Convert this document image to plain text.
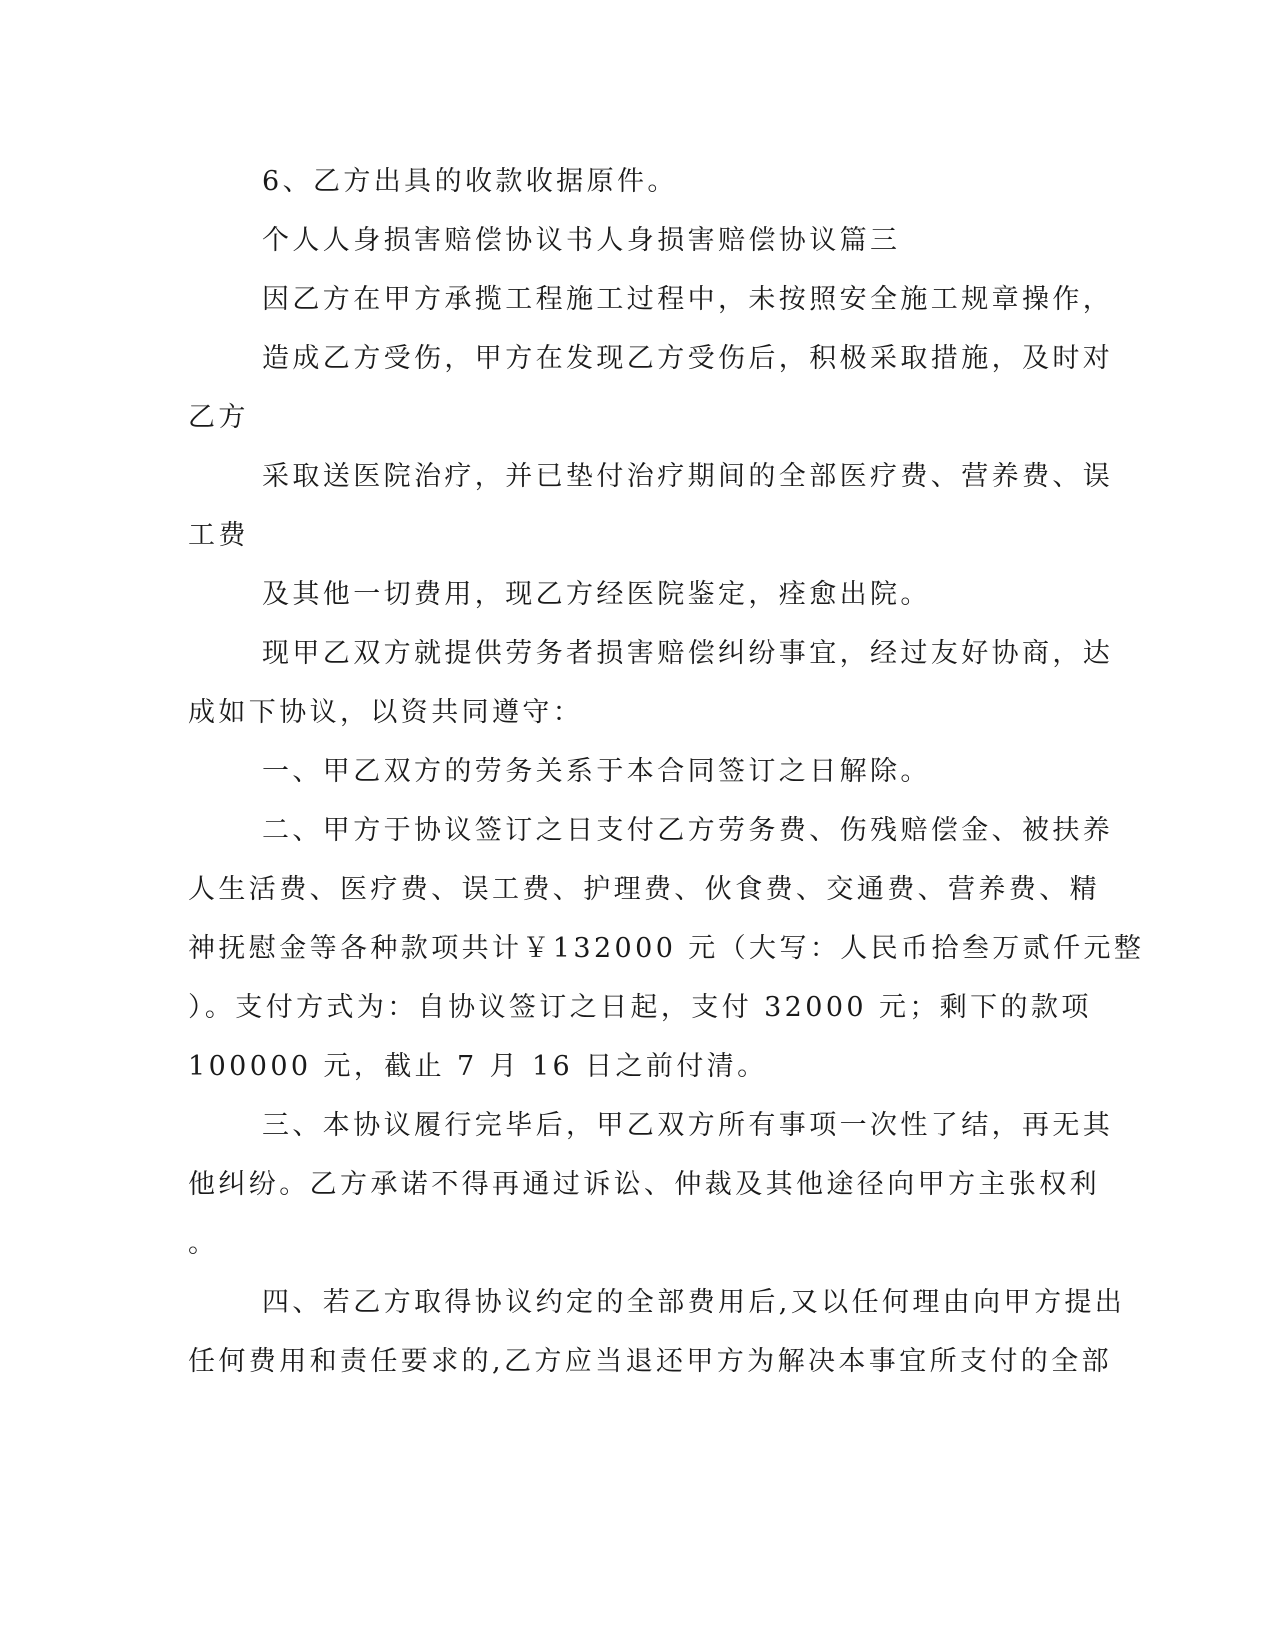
6、乙方出具的收款收据原件。
个人人身损害赔偿协议书人身损害赔偿协议篇三
因乙方在甲方承揽工程施工过程中，未按照安全施工规章操作，
造成乙方受伤，甲方在发现乙方受伤后，积极采取措施，及时对
乙方
采取送医院治疗，并已垫付治疗期间的全部医疗费、营养费、误
工费
及其他一切费用，现乙方经医院鉴定，痊愈出院。
现甲乙双方就提供劳务者损害赔偿纠纷事宜，经过友好协商，达
成如下协议，以资共同遵守：
一、甲乙双方的劳务关系于本合同签订之日解除。
二、甲方于协议签订之日支付乙方劳务费、伤残赔偿金、被扶养
人生活费、医疗费、误工费、护理费、伙食费、交通费、营养费、精
神抚慰金等各种款项共计￥132000 元（大写：人民币拾叁万贰仟元整
）。支付方式为：自协议签订之日起，支付 32000 元；剩下的款项
100000 元，截止 7 月 16 日之前付清。
三、本协议履行完毕后，甲乙双方所有事项一次性了结，再无其
他纠纷。乙方承诺不得再通过诉讼、仲裁及其他途径向甲方主张权利
。
四、若乙方取得协议约定的全部费用后,又以任何理由向甲方提出
任何费用和责任要求的,乙方应当退还甲方为解决本事宜所支付的全部
